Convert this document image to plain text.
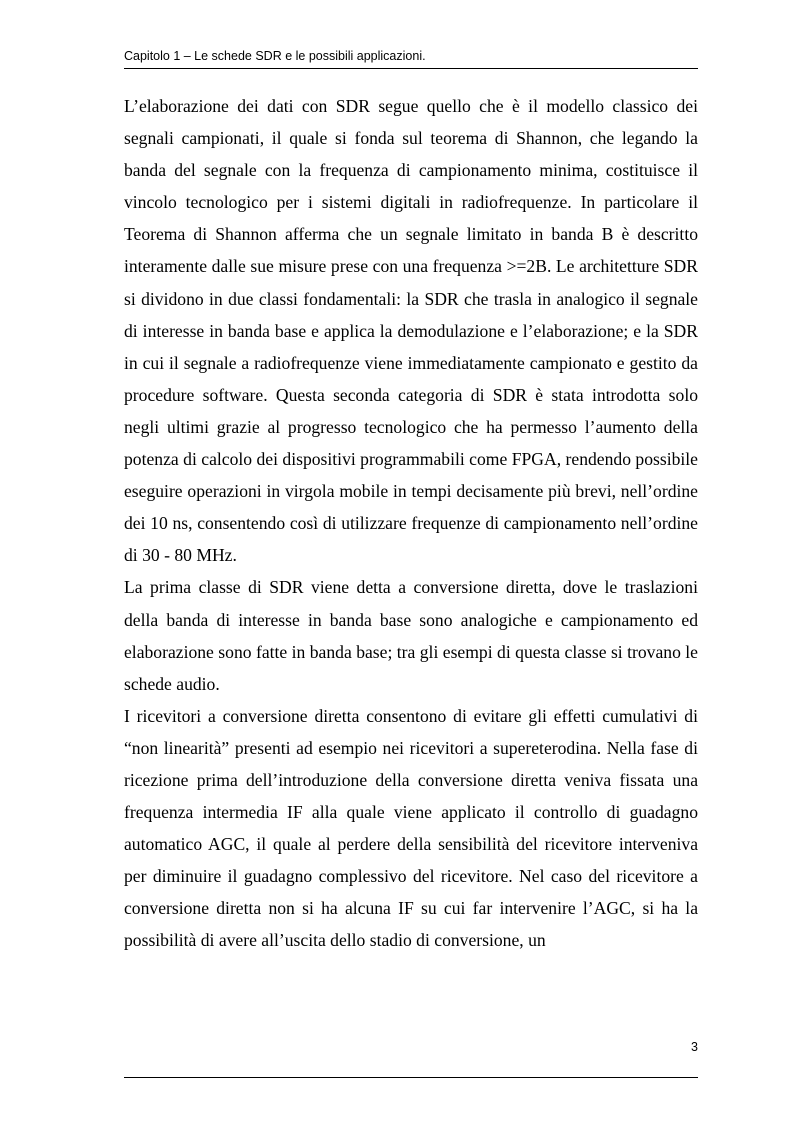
Capitolo 1 – Le schede SDR e le possibili applicazioni.

L’elaborazione dei dati con SDR segue quello che è il modello classico dei segnali campionati, il quale si fonda sul teorema di Shannon, che legando la banda del segnale con la frequenza di campionamento minima, costituisce il vincolo tecnologico per i sistemi digitali in radiofrequenze. In particolare il Teorema di Shannon afferma che un segnale limitato in banda B è descritto interamente dalle sue misure prese con una frequenza >=2B. Le architetture SDR si dividono in due classi fondamentali: la SDR che trasla in analogico il segnale di interesse in banda base e applica la demodulazione e l’elaborazione; e la SDR in cui il segnale a radiofrequenze viene immediatamente campionato e gestito da procedure software. Questa seconda categoria di SDR è stata introdotta solo negli ultimi grazie al progresso tecnologico che ha permesso l’aumento della potenza di calcolo dei dispositivi programmabili come FPGA, rendendo possibile eseguire operazioni in virgola mobile in tempi decisamente più brevi, nell’ordine dei 10 ns, consentendo così di utilizzare frequenze di campionamento nell’ordine di 30 - 80 MHz.

La prima classe di SDR viene detta a conversione diretta, dove le traslazioni della banda di interesse in banda base sono analogiche e campionamento ed elaborazione sono fatte in banda base; tra gli esempi di questa classe si trovano le schede audio.

I ricevitori a conversione diretta consentono di evitare gli effetti cumulativi di “non linearità” presenti ad esempio nei ricevitori a supereterodina. Nella fase di ricezione prima dell’introduzione della conversione diretta veniva fissata una frequenza intermedia IF alla quale viene applicato il controllo di guadagno automatico AGC, il quale al perdere della sensibilità del ricevitore interveniva per diminuire il guadagno complessivo del ricevitore. Nel caso del ricevitore a conversione diretta non si ha alcuna IF su cui far intervenire l’AGC, si ha la possibilità di avere all’uscita dello stadio di conversione, un

3
